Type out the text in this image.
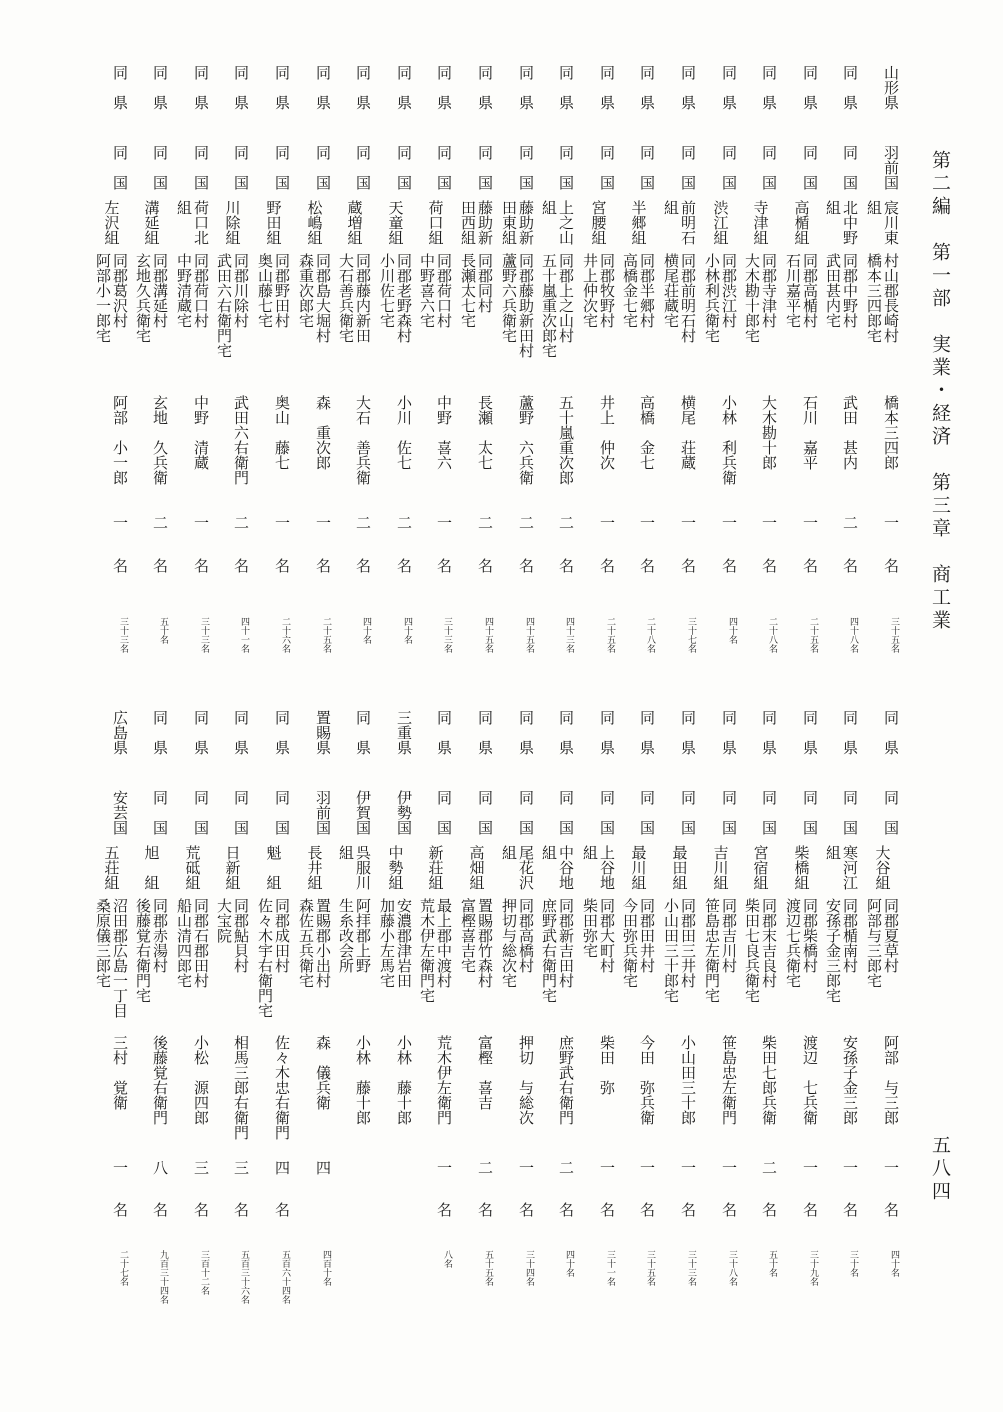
第二編　第一部　実業・経済　第三章　商工業
五八四
山形県
羽前国
橋本三四郎
一
名
三十五名
宸川東
組
村山郡長崎村
橋本三四郎宅
同　県
同　国
武田　甚内
二
名
四十八名
北中野
組
同郡中野村
武田甚内宅
同　県
同　国
石川　嘉平
一
名
二十五名
高楯組
同郡高楯村
石川嘉平宅
同　県
同　国
大木勘十郎
一
名
二十八名
寺津組
同郡寺津村
大木勘十郎宅
同　県
同　国
小林　利兵衛
一
名
四十名
渋江組
同郡渋江村
小林利兵衛宅
同　県
同　国
横尾　荘蔵
一
名
三十七名
前明石
組
同郡前明石村
横尾荘蔵宅
同　県
同　国
高橋　金七
一
名
二十八名
半郷組
同郡半郷村
高橋金七宅
同　県
同　国
井上　仲次
一
名
二十五名
宮腰組
同郡牧野村
井上仲次宅
同　県
同　国
五十嵐重次郎
二
名
四十三名
上之山
組
同郡上之山村
五十嵐重次郎宅
同　県
同　国
蘆野　六兵衛
二
名
四十五名
藤助新
田東組
同郡藤助新田村
蘆野六兵衛宅
同　県
同　国
長瀬　太七
二
名
四十五名
藤助新
田西組
同郡同村
長瀬太七宅
同　県
同　国
中野　喜六
一
名
三十三名
荷口組
同郡荷口村
中野喜六宅
同　県
同　国
小川　佐七
二
名
四十名
天童組
同郡老野森村
小川佐七宅
同　県
同　国
大石　善兵衛
二
名
四十名
蔵増組
同郡藤内新田
大石善兵衛宅
同　県
同　国
森　重次郎
一
名
二十五名
松嶋組
同郡島大堀村
森重次郎宅
同　県
同　国
奥山　藤七
一
名
二十六名
野田組
同郡野田村
奥山藤七宅
同　県
同　国
武田六右衛門
二
名
四十一名
川除組
同郡川除村
武田六右衛門宅
同　県
同　国
中野　清蔵
一
名
三十三名
荷口北
組
同郡荷口村
中野清蔵宅
同　県
同　国
玄地　久兵衛
二
名
五十名
溝延組
同郡溝延村
玄地久兵衛宅
同　県
同　国
阿部　小一郎
一
名
三十三名
左沢組
同郡葛沢村
阿部小一郎宅
同　県
同　国
阿部　与三郎
一
名
四十名
大谷組
同郡夏草村
阿部与三郎宅
同　県
同　国
安孫子金三郎
一
名
三十名
寒河江
組
同郡楯南村
安孫子金三郎宅
同　県
同　国
渡辺　七兵衛
一
名
三十九名
柴橋組
同郡柴橋村
渡辺七兵衛宅
同　県
同　国
柴田七郎兵衛
二
名
五十名
宮宿組
同郡末吉良村
柴田七良兵衛宅
同　県
同　国
笹島忠左衛門
一
名
三十八名
吉川組
同郡吉川村
笹島忠左衛門宅
同　県
同　国
小山田三十郎
一
名
三十三名
最田組
同郡田三井村
小山田三十郎宅
同　県
同　国
今田　弥兵衛
一
名
三十五名
最川組
同郡田井村
今田弥兵衛宅
同　県
同　国
柴田　弥
一
名
三十一名
上谷地
組
同郡大町村
柴田弥宅
同　県
同　国
庶野武右衛門
二
名
四十名
中谷地
組
同郡新吉田村
庶野武右衛門宅
同　県
同　国
押切　与総次
一
名
三十四名
尾花沢
組
同郡高橋村
押切与総次宅
同　県
同　国
富樫　喜吉
二
名
五十五名
高畑組
置賜郡竹森村
富樫喜吉宅
同　県
同　国
荒木伊左衛門
一
名
八名
新荘組
最上郡中渡村
荒木伊左衛門宅
三重県
伊勢国
小林　藤十郎
中勢組
安濃郡津岩田
加藤小左馬宅
同　県
伊賀国
小林　藤十郎
呉服川
組
阿拝郡上野
生糸改会所
置賜県
羽前国
森　儀兵衛
四
四百十名
長井組
置賜郡小出村
森佐五兵衛宅
同　県
同　国
佐々木忠右衛門
四
名
五百六十四名
魁　組
同郡成田村
佐々木宇右衛門宅
同　県
同　国
相馬三郎右衛門
三
名
五百三十六名
日新組
同郡鮎貝村
大宝院
同　県
同　国
小松　源四郎
三
名
三百十二名
荒砥組
同郡石郡田村
船山清四郎宅
同　県
同　国
後藤覚右衛門
八
名
九百三十四名
旭　組
同郡赤湯村
後藤覚右衛門宅
広島県
安芸国
三村　覚衛
一
名
二十七名
五荘組
沼田郡広島一丁目
桑原儀三郎宅
